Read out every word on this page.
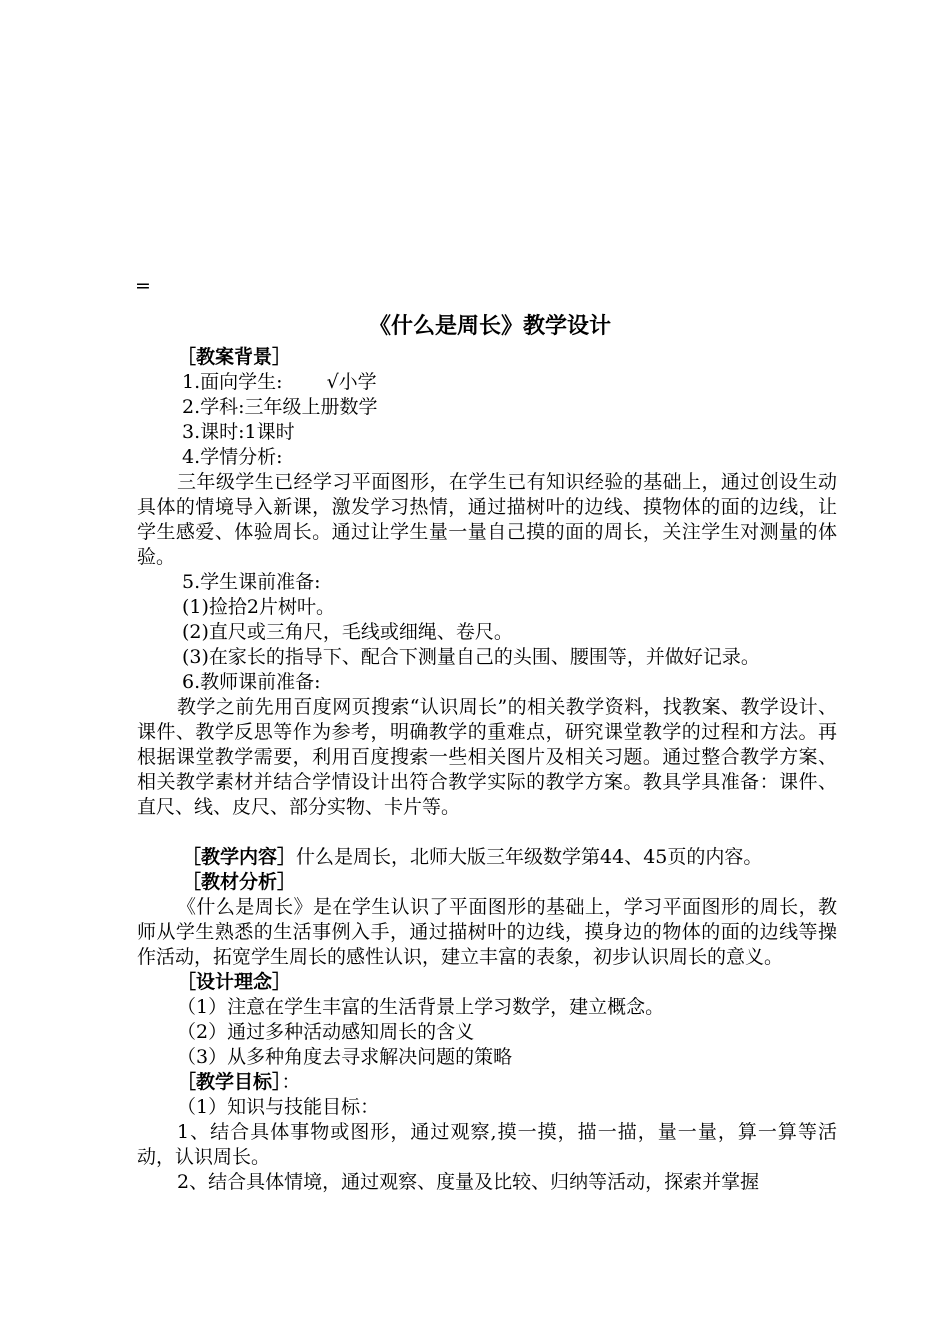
=
《什么是周长》教学设计

［教案背景］

1.面向学生:　　 √小学

2.学科:三年级上册数学

3.课时:1课时

4.学情分析:

三年级学生已经学习平面图形，在学生已有知识经验的基础上，通过创设生动具体的情境导入新课，激发学习热情，通过描树叶的边线、摸物体的面的边线，让学生感爱、体验周长。通过让学生量一量自己摸的面的周长，关注学生对测量的体验。

5.学生课前准备:

(1)捡拾2片树叶。

(2)直尺或三角尺，毛线或细绳、卷尺。

(3)在家长的指导下、配合下测量自己的头围、腰围等，并做好记录。

6.教师课前准备:

教学之前先用百度网页搜索“认识周长”的相关教学资料，找教案、教学设计、课件、教学反思等作为参考，明确教学的重难点，研究课堂教学的过程和方法。再根据课堂教学需要，利用百度搜索一些相关图片及相关习题。通过整合教学方案、相关教学素材并结合学情设计出符合教学实际的教学方案。教具学具准备：课件、直尺、线、皮尺、部分实物、卡片等。

［教学内容］什么是周长，北师大版三年级数学第44、45页的内容。

［教材分析］

《什么是周长》是在学生认识了平面图形的基础上，学习平面图形的周长，教师从学生熟悉的生活事例入手，通过描树叶的边线，摸身边的物体的面的边线等操作活动，拓宽学生周长的感性认识，建立丰富的表象，初步认识周长的意义。

［设计理念］

（1）注意在学生丰富的生活背景上学习数学，建立概念。

（2）通过多种活动感知周长的含义

（3）从多种角度去寻求解决问题的策略

［教学目标］：

（1）知识与技能目标：

1、结合具体事物或图形，通过观察,摸一摸，描一描，量一量，算一算等活动，认识周长。

2、结合具体情境，通过观察、度量及比较、归纳等活动，探索并掌握
